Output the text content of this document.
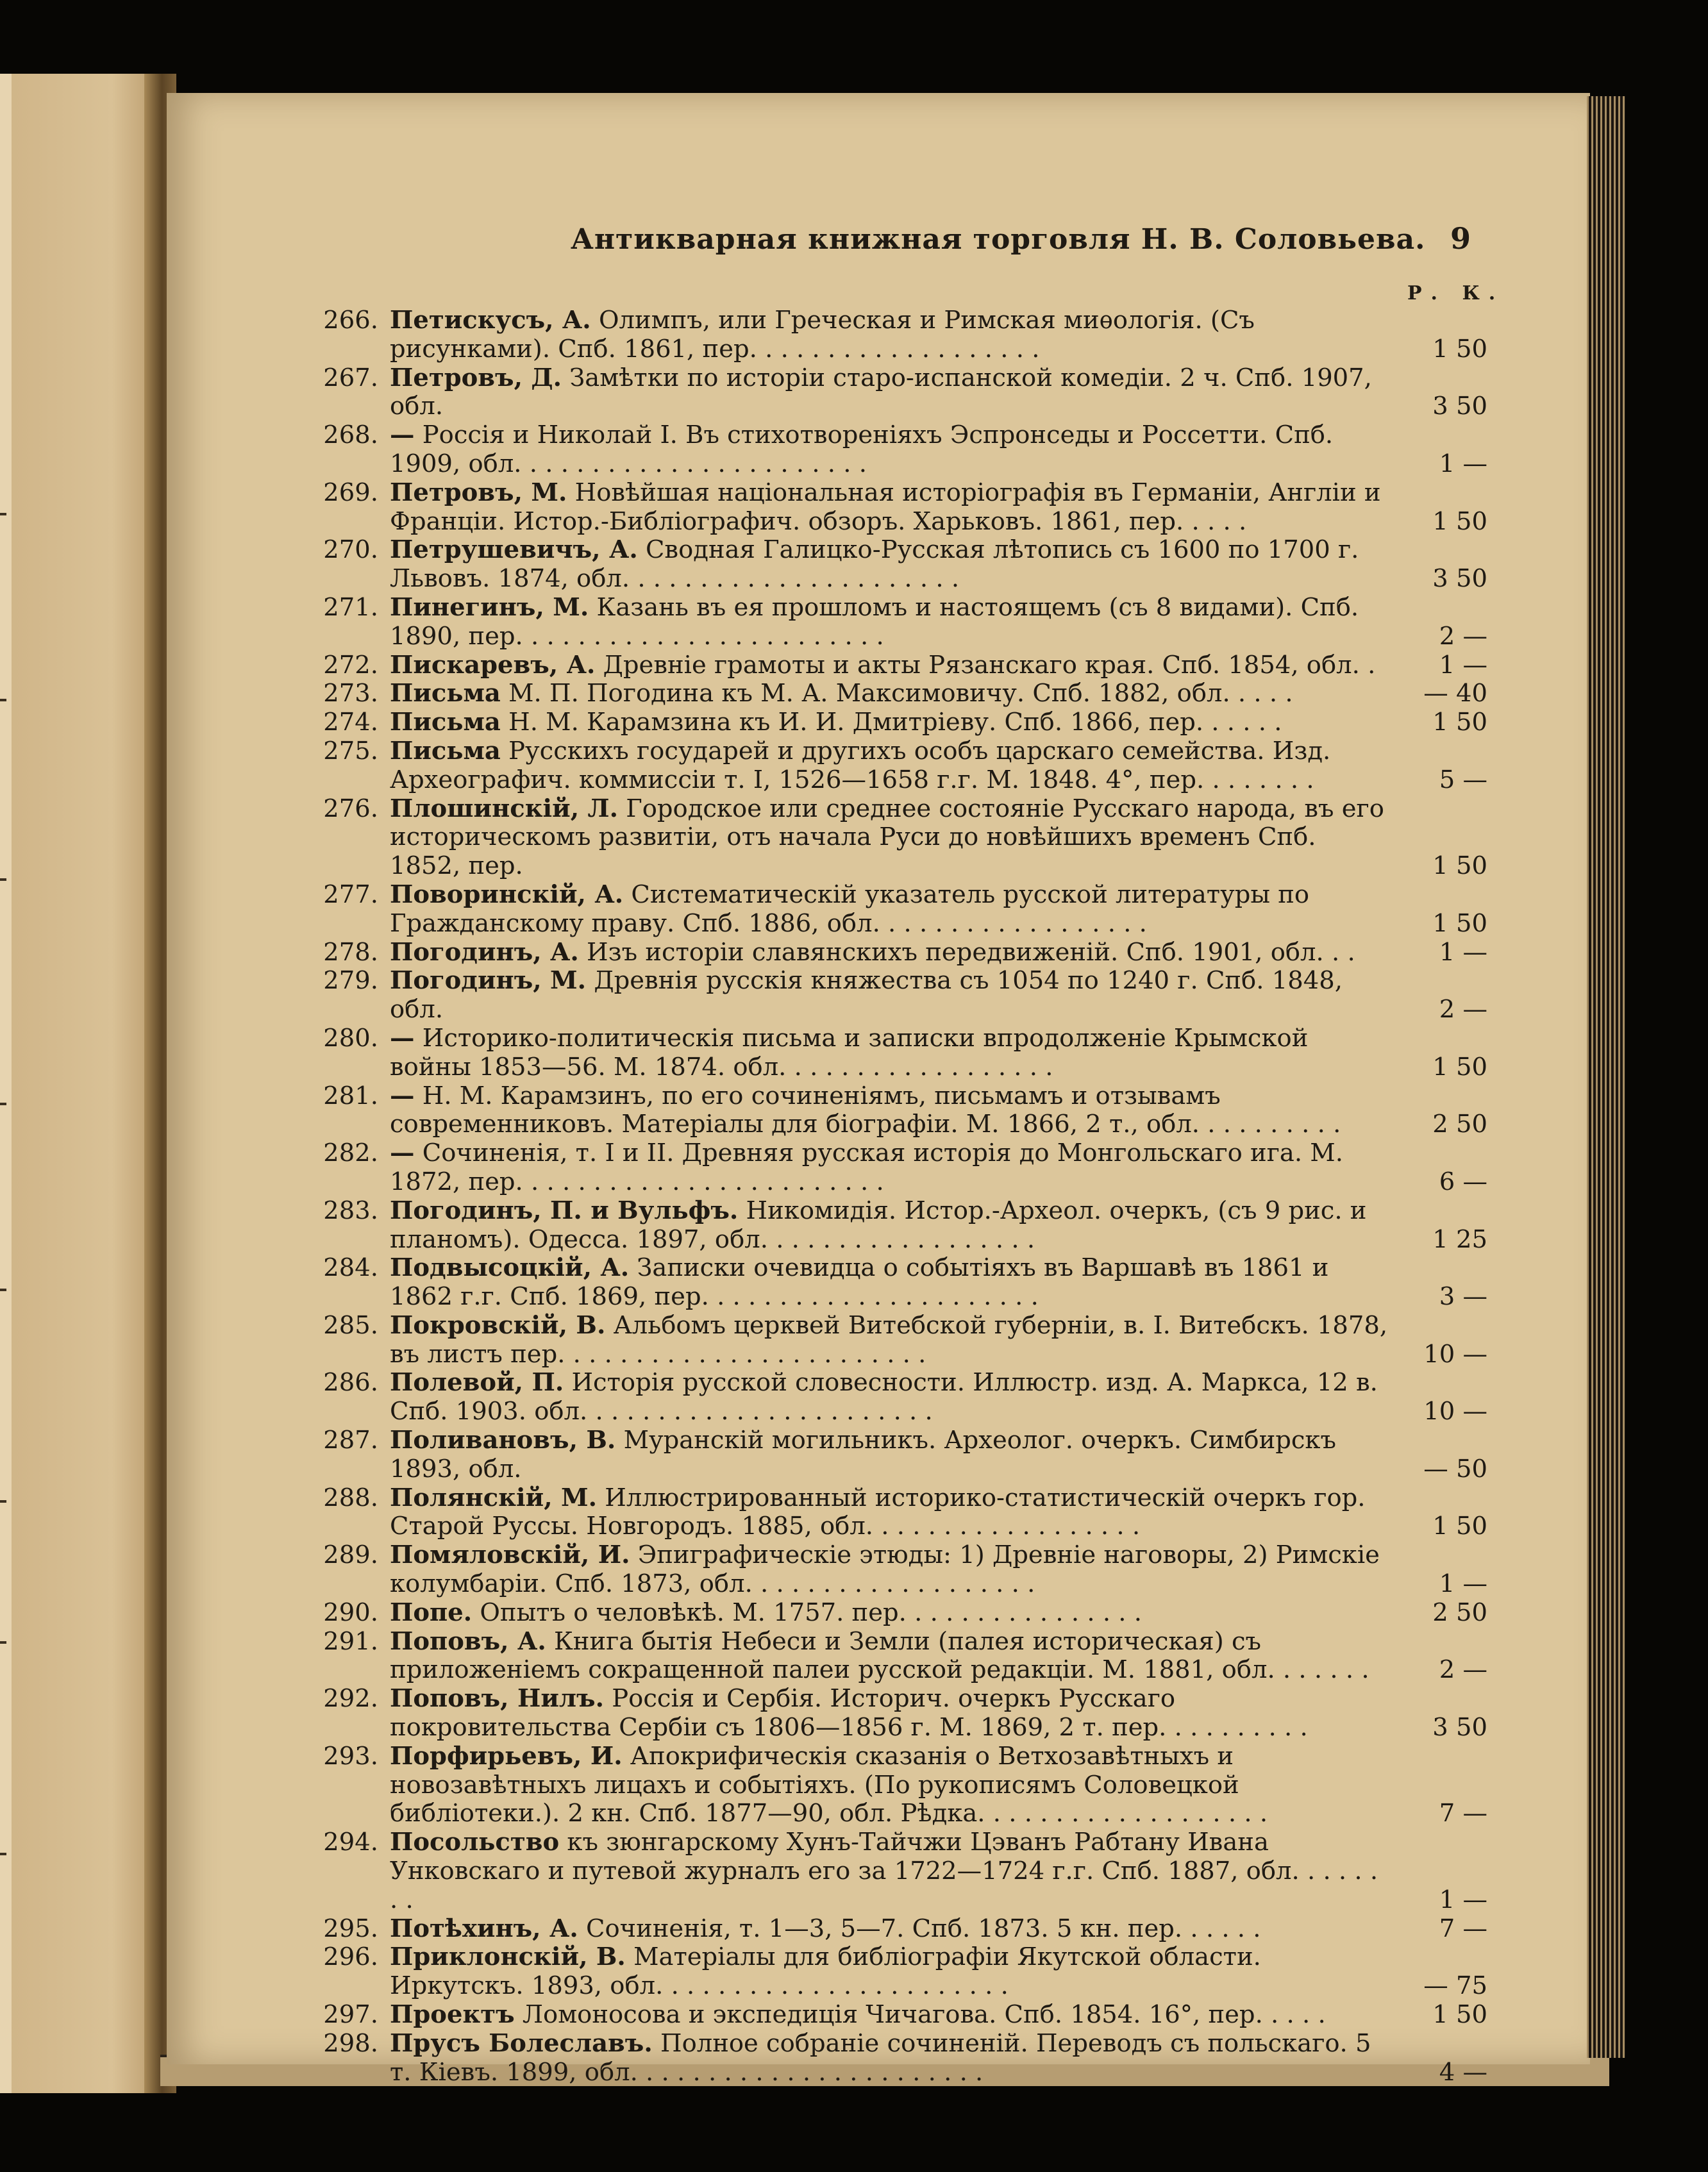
Антикварная книжная торговля Н. В. Соловьева. 9
Р. К.
266. Петискусъ, А. Олимпъ, или Греческая и Римская миѳологія. (Съ рисунками). Спб. 1861, пер. . . . . . . . . . . . . . . . . . .	1 50
267. Петровъ, Д. Замѣтки по исторіи старо-испанской комедіи. 2 ч. Спб. 1907, обл.	3 50
268. — Россія и Николай I. Въ стихотвореніяхъ Эспронседы и Россетти. Спб. 1909, обл. . . . . . . . . . . . . . . . . . . . . . .	1 —
269. Петровъ, М. Новѣйшая національная исторіографія въ Германіи, Англіи и Франціи. Истор.-Библіографич. обзоръ. Харьковъ. 1861, пер. . . . .	1 50
270. Петрушевичъ, А. Сводная Галицко-Русская лѣтопись съ 1600 по 1700 г. Львовъ. 1874, обл. . . . . . . . . . . . . . . . . . . . . .	3 50
271. Пинегинъ, М. Казань въ ея прошломъ и настоящемъ (съ 8 видами). Спб. 1890, пер. . . . . . . . . . . . . . . . . . . . . . . .	2 —
272. Пискаревъ, А. Древніе грамоты и акты Рязанскаго края. Спб. 1854, обл. .	1 —
273. Письма М. П. Погодина къ М. А. Максимовичу. Спб. 1882, обл. . . . .	— 40
274. Письма Н. М. Карамзина къ И. И. Дмитріеву. Спб. 1866, пер. . . . . .	1 50
275. Письма Русскихъ государей и другихъ особъ царскаго семейства. Изд. Археографич. коммиссіи т. I, 1526—1658 г.г. М. 1848. 4°, пер. . . . . . . .	5 —
276. Плошинскій, Л. Городское или среднее состояніе Русскаго народа, въ его историческомъ развитіи, отъ начала Руси до новѣйшихъ временъ Спб. 1852, пер.	1 50
277. Поворинскій, А. Систематическій указатель русской литературы по Гражданскому праву. Спб. 1886, обл. . . . . . . . . . . . . . . . . .	1 50
278. Погодинъ, А. Изъ исторіи славянскихъ передвиженій. Спб. 1901, обл. . .	1 —
279. Погодинъ, М. Древнія русскія княжества съ 1054 по 1240 г. Спб. 1848, обл.	2 —
280. — Историко-политическія письма и записки впродолженіе Крымской войны 1853—56. М. 1874. обл. . . . . . . . . . . . . . . . . .	1 50
281. — Н. М. Карамзинъ, по его сочиненіямъ, письмамъ и отзывамъ современниковъ. Матеріалы для біографіи. М. 1866, 2 т., обл. . . . . . . . . .	2 50
282. — Сочиненія, т. I и II. Древняя русская исторія до Монгольскаго ига. М. 1872, пер. . . . . . . . . . . . . . . . . . . . . . . .	6 —
283. Погодинъ, П. и Вульфъ. Никомидія. Истор.-Археол. очеркъ, (съ 9 рис. и планомъ). Одесса. 1897, обл. . . . . . . . . . . . . . . . . .	1 25
284. Подвысоцкій, А. Записки очевидца о событіяхъ въ Варшавѣ въ 1861 и 1862 г.г. Спб. 1869, пер. . . . . . . . . . . . . . . . . . . . . .	3 —
285. Покровскій, В. Альбомъ церквей Витебской губерніи, в. I. Витебскъ. 1878, въ листъ пер. . . . . . . . . . . . . . . . . . . . . . . .	10 —
286. Полевой, П. Исторія русской словесности. Иллюстр. изд. А. Маркса, 12 в. Спб. 1903. обл. . . . . . . . . . . . . . . . . . . . . . .	10 —
287. Поливановъ, В. Муранскій могильникъ. Археолог. очеркъ. Симбирскъ 1893, обл.	— 50
288. Полянскій, М. Иллюстрированный историко-статистическій очеркъ гор. Старой Руссы. Новгородъ. 1885, обл. . . . . . . . . . . . . . . . . .	1 50
289. Помяловскій, И. Эпиграфическіе этюды: 1) Древніе наговоры, 2) Римскіе колумбаріи. Спб. 1873, обл. . . . . . . . . . . . . . . . . . .	1 —
290. Попе. Опытъ о человѣкѣ. М. 1757. пер. . . . . . . . . . . . . . . .	2 50
291. Поповъ, А. Книга бытія Небеси и Земли (палея историческая) съ приложеніемъ сокращенной палеи русской редакціи. М. 1881, обл. . . . . . .	2 —
292. Поповъ, Нилъ. Россія и Сербія. Историч. очеркъ Русскаго покровительства Сербіи съ 1806—1856 г. М. 1869, 2 т. пер. . . . . . . . . .	3 50
293. Порфирьевъ, И. Апокрифическія сказанія о Ветхозавѣтныхъ и новозавѣтныхъ лицахъ и событіяхъ. (По рукописямъ Соловецкой библіотеки.). 2 кн. Спб. 1877—90, обл. Рѣдка. . . . . . . . . . . . . . . . . . .	7 —
294. Посольство къ зюнгарскому Хунъ-Тайчжи Цэванъ Рабтану Ивана Унковскаго и путевой журналъ его за 1722—1724 г.г. Спб. 1887, обл. . . . . . . .	1 —
295. Потѣхинъ, А. Сочиненія, т. 1—3, 5—7. Спб. 1873. 5 кн. пер. . . . . .	7 —
296. Приклонскій, В. Матеріалы для библіографіи Якутской области. Иркутскъ. 1893, обл. . . . . . . . . . . . . . . . . . . . . . .	— 75
297. Проектъ Ломоносова и экспедиція Чичагова. Спб. 1854. 16°, пер. . . . .	1 50
298. Прусъ Болеславъ. Полное собраніе сочиненій. Переводъ съ польскаго. 5 т. Кіевъ. 1899, обл. . . . . . . . . . . . . . . . . . . . . . .	4 —
